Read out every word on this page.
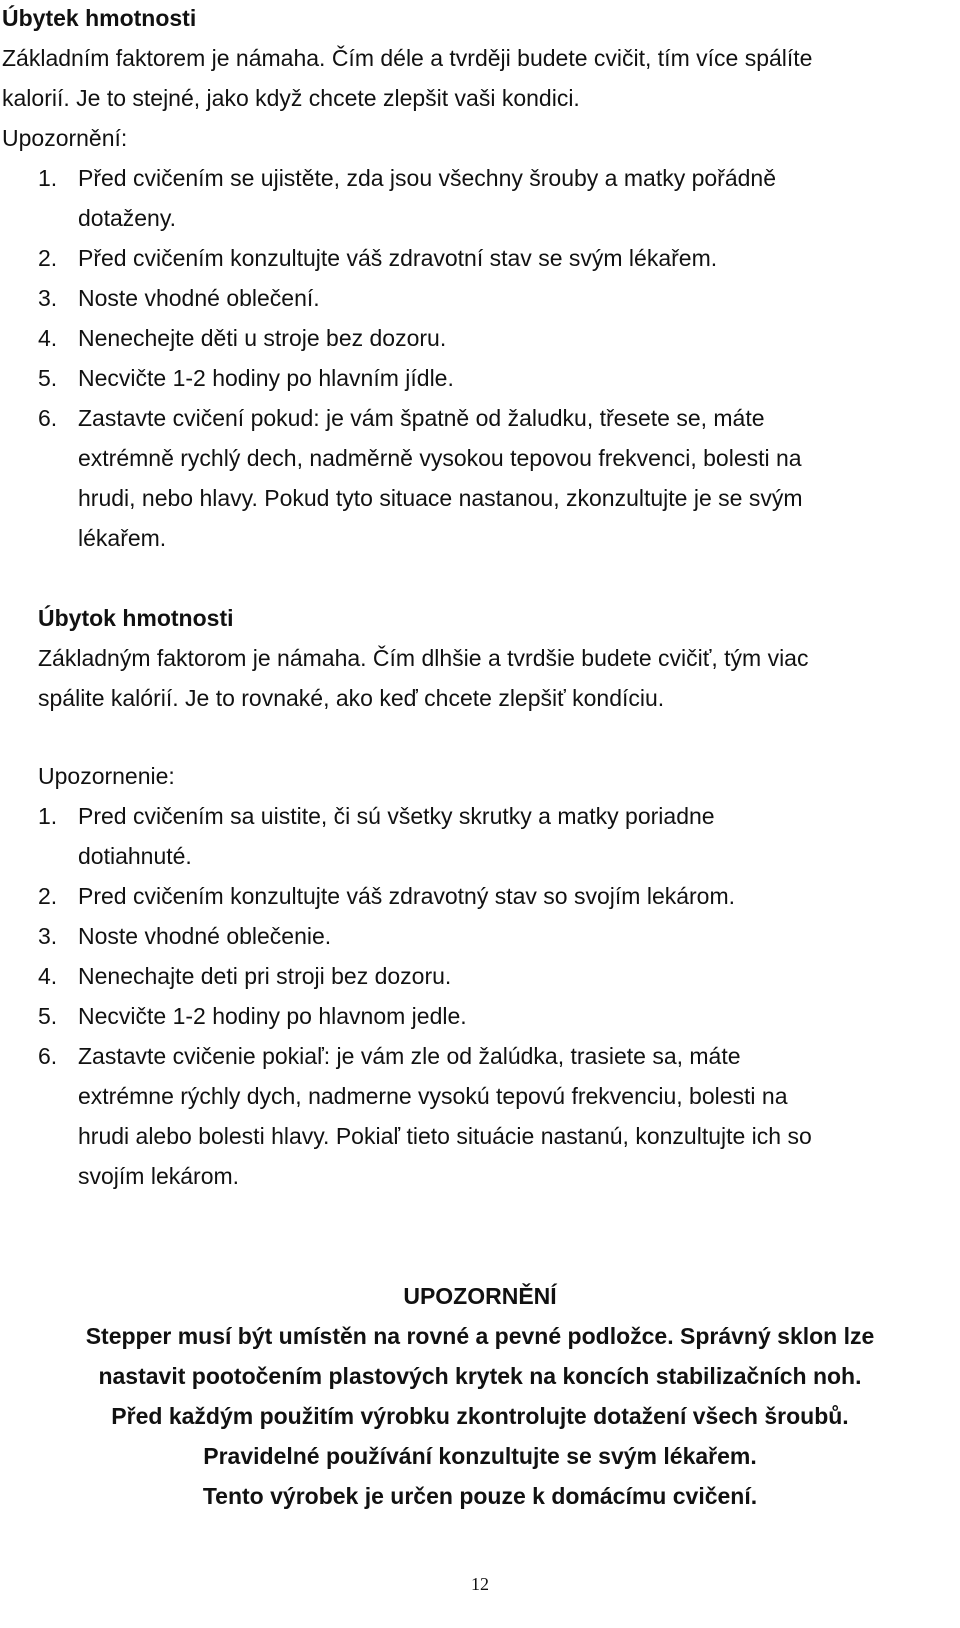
Úbytek hmotnosti
Základním faktorem je námaha. Čím déle a tvrději budete cvičit, tím více spálíte
kalorií. Je to stejné, jako když chcete zlepšit vaši kondici.
Upozornění:
1. Před cvičením se ujistěte, zda jsou všechny šrouby a matky pořádně
dotaženy.
2. Před cvičením konzultujte váš zdravotní stav se svým lékařem.
3. Noste vhodné oblečení.
4. Nenechejte děti u stroje bez dozoru.
5. Necvičte 1-2 hodiny po hlavním jídle.
6. Zastavte cvičení pokud: je vám špatně od žaludku, třesete se, máte
extrémně rychlý dech, nadměrně vysokou tepovou frekvenci, bolesti na
hrudi, nebo hlavy. Pokud tyto situace nastanou, zkonzultujte je se svým
lékařem.
Úbytok hmotnosti
Základným faktorom je námaha. Čím dlhšie a tvrdšie budete cvičiť, tým viac
spálite kalórií. Je to rovnaké, ako keď chcete zlepšiť kondíciu.
Upozornenie:
1. Pred cvičením sa uistite, či sú všetky skrutky a matky poriadne
dotiahnuté.
2. Pred cvičením konzultujte váš zdravotný stav so svojím lekárom.
3. Noste vhodné oblečenie.
4. Nenechajte deti pri stroji bez dozoru.
5. Necvičte 1-2 hodiny po hlavnom jedle.
6. Zastavte cvičenie pokiaľ: je vám zle od žalúdka, trasiete sa, máte
extrémne rýchly dych, nadmerne vysokú tepovú frekvenciu, bolesti na
hrudi alebo bolesti hlavy. Pokiaľ tieto situácie nastanú, konzultujte ich so
svojím lekárom.
UPOZORNĚNÍ
Stepper musí být umístěn na rovné a pevné podložce. Správný sklon lze
nastavit pootočením plastových krytek na koncích stabilizačních noh.
Před každým použitím výrobku zkontrolujte dotažení všech šroubů.
Pravidelné používání konzultujte se svým lékařem.
Tento výrobek je určen pouze k domácímu cvičení.
12
